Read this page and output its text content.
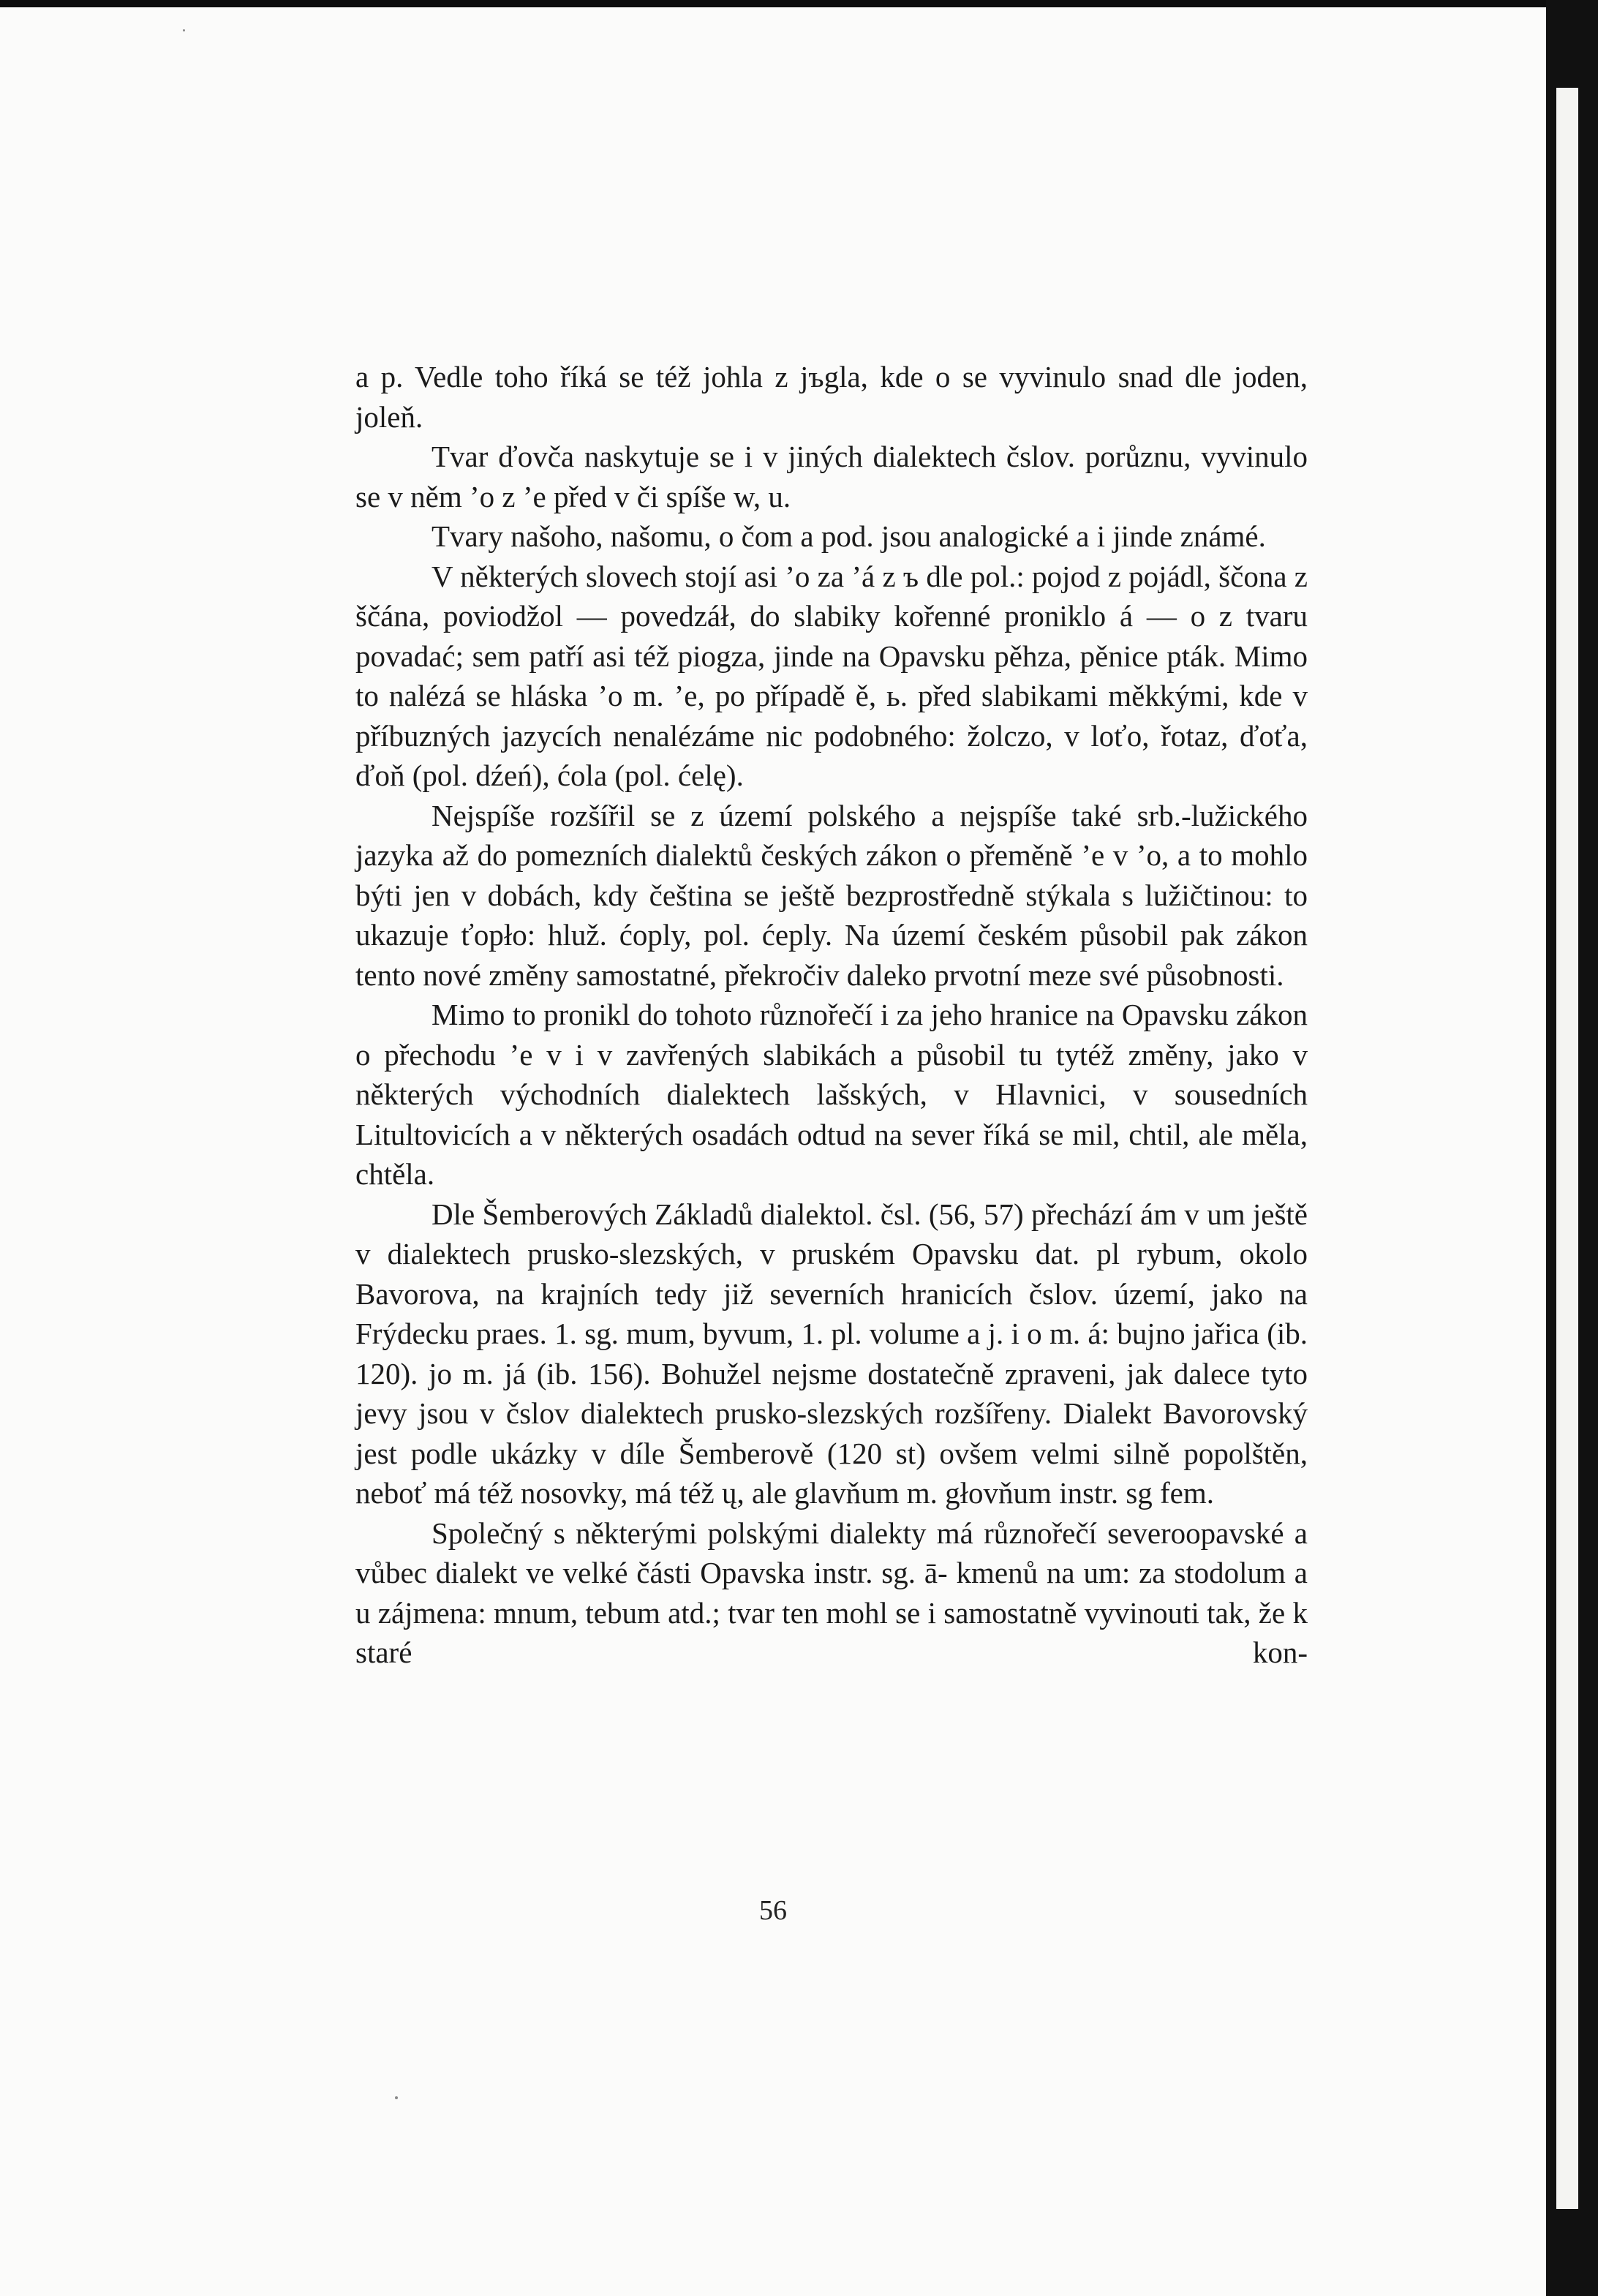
a p. Vedle toho říká se též johla z jъgla, kde o se vyvinulo snad dle joden, joleň.

Tvar ďovča naskytuje se i v jiných dialektech čslov. porůznu, vyvinulo se v něm ’o z ’e před v či spíše w, u.

Tvary našoho, našomu, o čom a pod. jsou analogické a i jinde známé.

V některých slovech stojí asi ’o za ’á z ъ dle pol.: pojod z pojádl, ščona z ščána, poviodžol — povedzáł, do slabiky kořenné proniklo á — o z tvaru povadać; sem patří asi též piogza, jinde na Opavsku pěhza, pěnice pták. Mimo to nalézá se hláska ’o m. ’e, po případě ě, ь. před slabikami měkkými, kde v příbuzných jazycích nenalézáme nic podobného: žolczo, v loťo, řotaz, ďoťa, ďoň (pol. dźeń), ćola (pol. ćelę).

Nejspíše rozšířil se z území polského a nejspíše také srb.-lužického jazyka až do pomezních dialektů českých zákon o přeměně ’e v ’o, a to mohlo býti jen v dobách, kdy čeština se ještě bezprostředně stýkala s lužičtinou: to ukazuje ťopło: hluž. ćoply, pol. ćeply. Na území českém působil pak zákon tento nové změny samostatné, překročiv daleko prvotní meze své působnosti.

Mimo to pronikl do tohoto různořečí i za jeho hranice na Opavsku zákon o přechodu ’e v i v zavřených slabikách a působil tu tytéž změny, jako v některých východních dialektech lašských, v Hlavnici, v sousedních Litultovicích a v některých osadách odtud na sever říká se mil, chtil, ale měla, chtěla.

Dle Šemberových Základů dialektol. čsl. (56, 57) přechází ám v um ještě v dialektech prusko-slezských, v pruském Opavsku dat. pl rybum, okolo Bavorova, na krajních tedy již severních hranicích čslov. území, jako na Frýdecku praes. 1. sg. mum, byvum, 1. pl. volume a j. i o m. á: bujno jařica (ib. 120). jo m. já (ib. 156). Bohužel nejsme dostatečně zpraveni, jak dalece tyto jevy jsou v čslov dialektech prusko-slezských rozšířeny. Dialekt Bavorovský jest podle ukázky v díle Šemberově (120 st) ovšem velmi silně popolštěn, neboť má též nosovky, má též ų, ale glavňum m. głovňum instr. sg fem.

Společný s některými polskými dialekty má různořečí severoopavské a vůbec dialekt ve velké části Opavska instr. sg. ā- kmenů na um: za stodolum a u zájmena: mnum, tebum atd.; tvar ten mohl se i samostatně vyvinouti tak, že k staré kon-

56
